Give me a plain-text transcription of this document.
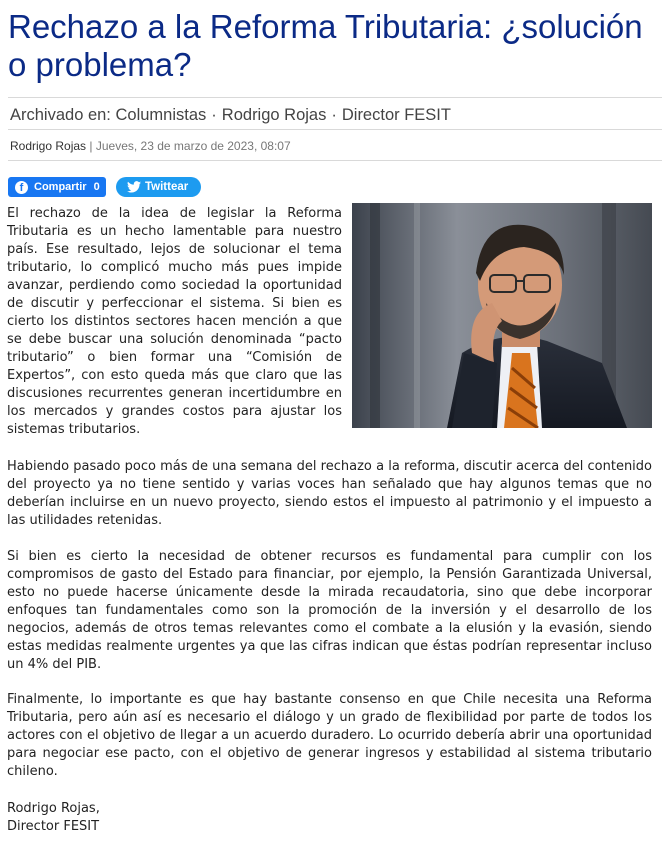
Rechazo a la Reforma Tributaria: ¿solución o problema?
Archivado en: Columnistas · Rodrigo Rojas · Director FESIT
Rodrigo Rojas | Jueves, 23 de marzo de 2023, 08:07
f Compartir 0	Twittear

El rechazo de la idea de legislar la Reforma Tributaria es un hecho lamentable para nuestro país. Ese resultado, lejos de solucionar el tema tributario, lo complicó mucho más pues impide avanzar, perdiendo como sociedad la oportunidad de discutir y perfeccionar el sistema. Si bien es cierto los distintos sectores hacen mención a que se debe buscar una solución denominada “pacto tributario” o bien formar una “Comisión de Expertos”, con esto queda más que claro que las discusiones recurrentes generan incertidumbre en los mercados y grandes costos para ajustar los sistemas tributarios.

Habiendo pasado poco más de una semana del rechazo a la reforma, discutir acerca del contenido del proyecto ya no tiene sentido y varias voces han señalado que hay algunos temas que no deberían incluirse en un nuevo proyecto, siendo estos el impuesto al patrimonio y el impuesto a las utilidades retenidas.

Si bien es cierto la necesidad de obtener recursos es fundamental para cumplir con los compromisos de gasto del Estado para financiar, por ejemplo, la Pensión Garantizada Universal, esto no puede hacerse únicamente desde la mirada recaudatoria, sino que debe incorporar enfoques tan fundamentales como son la promoción de la inversión y el desarrollo de los negocios, además de otros temas relevantes como el combate a la elusión y la evasión, siendo estas medidas realmente urgentes ya que las cifras indican que éstas podrían representar incluso un 4% del PIB.

Finalmente, lo importante es que hay bastante consenso en que Chile necesita una Reforma Tributaria, pero aún así es necesario el diálogo y un grado de flexibilidad por parte de todos los actores con el objetivo de llegar a un acuerdo duradero. Lo ocurrido debería abrir una oportunidad para negociar ese pacto, con el objetivo de generar ingresos y estabilidad al sistema tributario chileno.

Rodrigo Rojas,
Director FESIT
